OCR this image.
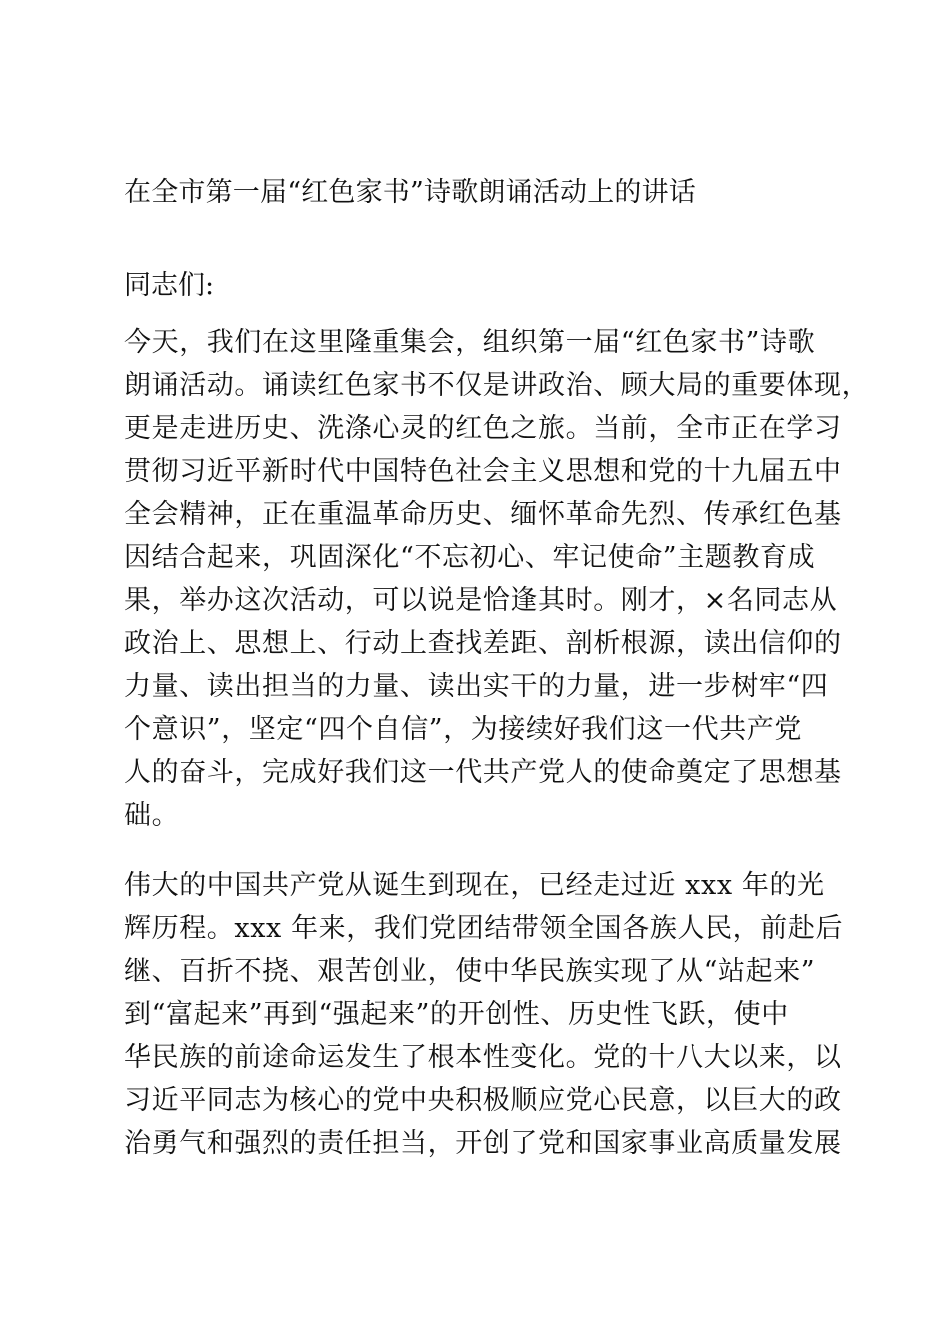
在全市第一届“红色家书”诗歌朗诵活动上的讲话
同志们:
今天，我们在这里隆重集会，组织第一届“红色家书”诗歌
朗诵活动。诵读红色家书不仅是讲政治、顾大局的重要体现，
更是走进历史、洗涤心灵的红色之旅。当前，全市正在学习
贯彻习近平新时代中国特色社会主义思想和党的十九届五中
全会精神，正在重温革命历史、缅怀革命先烈、传承红色基
因结合起来，巩固深化“不忘初心、牢记使命”主题教育成
果，举办这次活动，可以说是恰逢其时。刚才，×名同志从
政治上、思想上、行动上查找差距、剖析根源，读出信仰的
力量、读出担当的力量、读出实干的力量，进一步树牢“四
个意识”，坚定“四个自信”，为接续好我们这一代共产党
人的奋斗，完成好我们这一代共产党人的使命奠定了思想基
础。
伟大的中国共产党从诞生到现在，已经走过近 xxx 年的光
辉历程。xxx 年来，我们党团结带领全国各族人民，前赴后
继、百折不挠、艰苦创业，使中华民族实现了从“站起来”
到“富起来”再到“强起来”的开创性、历史性飞跃，使中
华民族的前途命运发生了根本性变化。党的十八大以来，以
习近平同志为核心的党中央积极顺应党心民意，以巨大的政
治勇气和强烈的责任担当，开创了党和国家事业高质量发展
